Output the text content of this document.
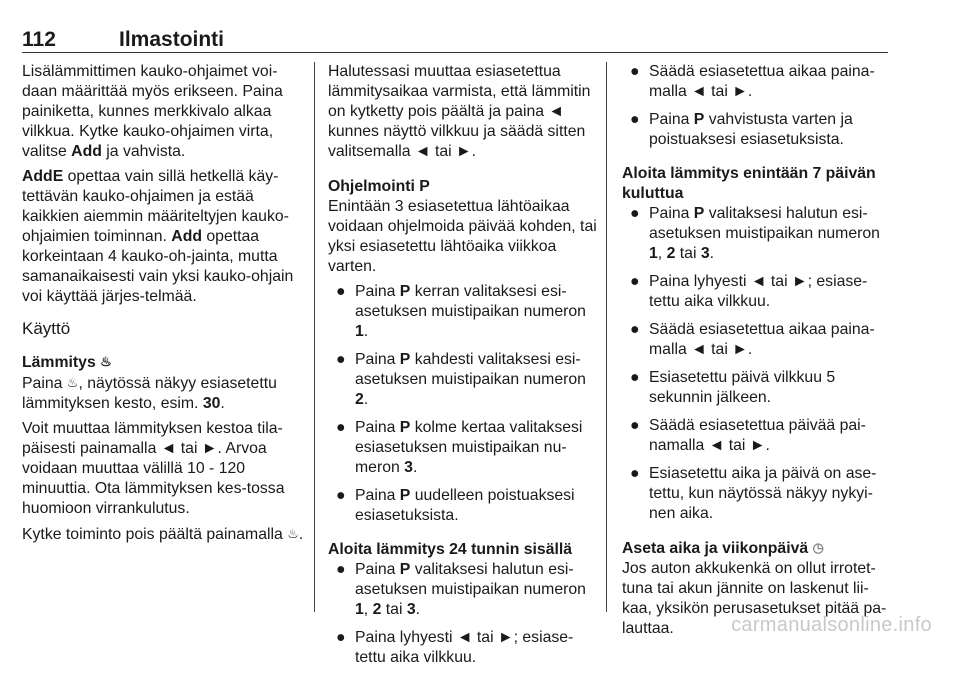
112	Ilmastointi

Lisälämmittimen kauko-ohjaimet voi-daan määrittää myös erikseen. Paina painiketta, kunnes merkkivalo alkaa vilkkua. Kytke kauko-ohjaimen virta, valitse Add ja vahvista.

AddE opettaa vain sillä hetkellä käy-tettävän kauko-ohjaimen ja estää kaikkien aiemmin määriteltyjen kauko-ohjaimien toiminnan. Add opettaa korkeintaan 4 kauko-oh-jainta, mutta samanaikaisesti vain yksi kauko-ohjain voi käyttää järjes-telmää.

Käyttö
Lämmitys ♨

Paina ♨, näytössä näkyy esiasetettu lämmityksen kesto, esim. 30.

Voit muuttaa lämmityksen kestoa tila-päisesti painamalla ◄ tai ►. Arvoa voidaan muuttaa välillä 10 - 120 minuuttia. Ota lämmityksen kes-tossa huomioon virrankulutus.

Kytke toiminto pois päältä painamalla ♨.

Halutessasi muuttaa esiasetettua lämmitysaikaa varmista, että lämmitin on kytketty pois päältä ja paina ◄ kunnes näyttö vilkkuu ja säädä sitten valitsemalla ◄ tai ►.

Ohjelmointi P

Enintään 3 esiasetettua lähtöaikaa voidaan ohjelmoida päivää kohden, tai yksi esiasetettu lähtöaika viikkoa varten.

● Paina P kerran valitaksesi esi-asetuksen muistipaikan numeron 1.
● Paina P kahdesti valitaksesi esi-asetuksen muistipaikan numeron 2.
● Paina P kolme kertaa valitaksesi esiasetuksen muistipaikan nu-meron 3.
● Paina P uudelleen poistuaksesi esiasetuksista.
Aloita lämmitys 24 tunnin sisällä
● Paina P valitaksesi halutun esi-asetuksen muistipaikan numeron 1, 2 tai 3.
● Paina lyhyesti ◄ tai ►; esiase-tettu aika vilkkuu.
● Säädä esiasetettua aikaa paina-malla ◄ tai ►.
● Paina P vahvistusta varten ja poistuaksesi esiasetuksista.
Aloita lämmitys enintään 7 päivän kuluttua
● Paina P valitaksesi halutun esi-asetuksen muistipaikan numeron 1, 2 tai 3.
● Paina lyhyesti ◄ tai ►; esiase-tettu aika vilkkuu.
● Säädä esiasetettua aikaa paina-malla ◄ tai ►.
● Esiasetettu päivä vilkkuu 5 sekunnin jälkeen.
● Säädä esiasetettua päivää pai-namalla ◄ tai ►.
● Esiasetettu aika ja päivä on ase-tettu, kun näytössä näkyy nykyi-nen aika.
Aseta aika ja viikonpäivä ◷

Jos auton akkukenkä on ollut irrotet-tuna tai akun jännite on laskenut lii-kaa, yksikön perusasetukset pitää pa-lauttaa.	carmanualsonline.info
